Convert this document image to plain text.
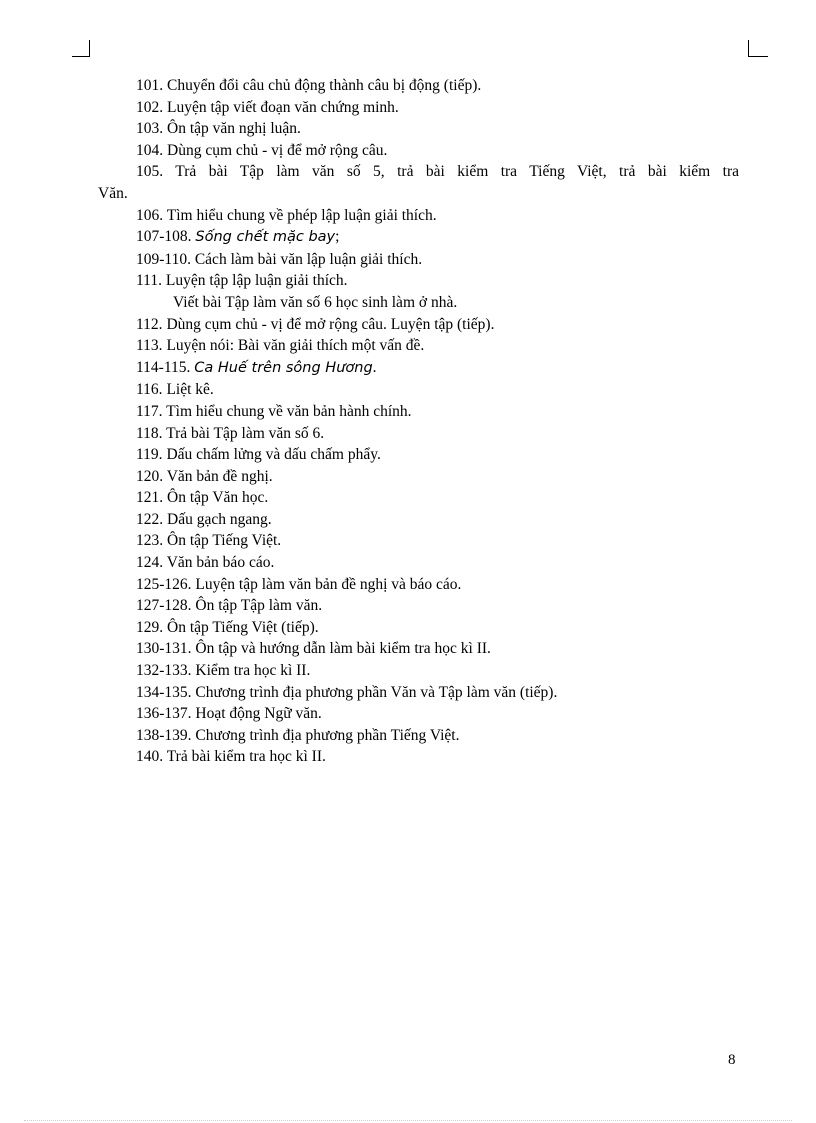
101. Chuyển đổi câu chủ động thành câu bị động (tiếp).
102. Luyện tập viết đoạn văn chứng minh.
103. Ôn tập văn nghị luận.
104. Dùng cụm chủ - vị để mở rộng câu.
105. Trả bài Tập làm văn số 5, trả bài kiểm tra Tiếng Việt, trả bài kiểm tra
Văn.
106. Tìm hiểu chung về phép lập luận giải thích.
107-108. Sống chết mặc bay;
109-110. Cách làm bài văn lập luận giải thích.
111. Luyện tập lập luận giải thích.
Viết bài Tập làm văn số 6 học sinh làm ở nhà.
112. Dùng cụm chủ - vị để mở rộng câu. Luyện tập (tiếp).
113. Luyện nói: Bài văn giải thích một vấn đề.
114-115. Ca Huế trên sông Hương.
116. Liệt kê.
117. Tìm hiểu chung về văn bản hành chính.
118. Trả bài Tập làm văn số 6.
119. Dấu chấm lửng và dấu chấm phẩy.
120. Văn bản đề nghị.
121. Ôn tập Văn học.
122. Dấu gạch ngang.
123. Ôn tập Tiếng Việt.
124. Văn bản báo cáo.
125-126. Luyện tập làm văn bản đề nghị và báo cáo.
127-128. Ôn tập Tập làm văn.
129. Ôn tập Tiếng Việt (tiếp).
130-131. Ôn tập và hướng dẫn làm bài kiểm tra học kì II.
132-133. Kiểm tra học kì II.
134-135. Chương trình địa phương phần Văn và Tập làm văn (tiếp).
136-137. Hoạt động Ngữ văn.
138-139. Chương trình địa phương phần Tiếng Việt.
140. Trả bài kiểm tra học kì II.
8
